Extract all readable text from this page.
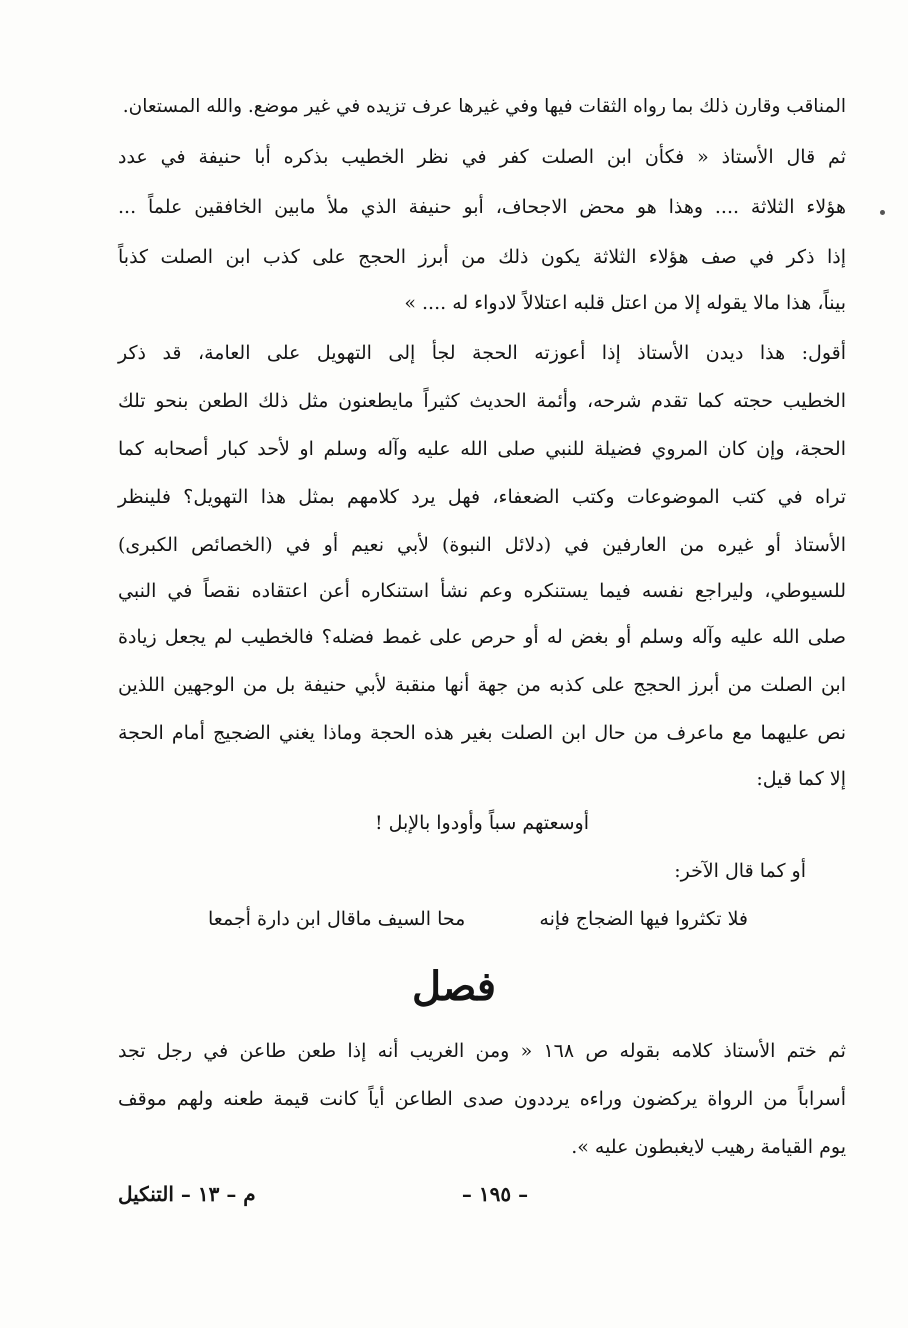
المناقب وقارن ذلك بما رواه الثقات فيها وفي غيرها عرف تزيده في غير موضع. والله المستعان.
ثم قال الأستاذ « فكأن ابن الصلت كفر في نظر الخطيب بذكره أبا حنيفة في عدد
هؤلاء الثلاثة .... وهذا هو محض الاجحاف، أبو حنيفة الذي ملأ مابين الخافقين علماً ...
إذا ذكر في صف هؤلاء الثلاثة يكون ذلك من أبرز الحجج على كذب ابن الصلت كذباً
بيناً، هذا مالا يقوله إلا من اعتل قلبه اعتلالاً لادواء له .... »
أقول: هذا ديدن الأستاذ إذا أعوزته الحجة لجأ إلى التهويل على العامة، قد ذكر
الخطيب حجته كما تقدم شرحه، وأئمة الحديث كثيراً مايطعنون مثل ذلك الطعن بنحو تلك
الحجة، وإن كان المروي فضيلة للنبي صلى الله عليه وآله وسلم او لأحد كبار أصحابه كما
تراه في كتب الموضوعات وكتب الضعفاء، فهل يرد كلامهم بمثل هذا التهويل؟ فلينظر
الأستاذ أو غيره من العارفين في (دلائل النبوة) لأبي نعيم أو في (الخصائص الكبرى)
للسيوطي، وليراجع نفسه فيما يستنكره وعم نشأ استنكاره أعن اعتقاده نقصاً في النبي
صلى الله عليه وآله وسلم أو بغض له أو حرص على غمط فضله؟ فالخطيب لم يجعل زيادة
ابن الصلت من أبرز الحجج على كذبه من جهة أنها منقبة لأبي حنيفة بل من الوجهين اللذين
نص عليهما مع ماعرف من حال ابن الصلت بغير هذه الحجة وماذا يغني الضجيج أمام الحجة
إلا كما قيل:
أوسعتهم سباً وأودوا بالإبل !
أو كما قال الآخر:
فلا تكثروا فيها الضجاج فإنه
محا السيف ماقال ابن دارة أجمعا
فصل
ثم ختم الأستاذ كلامه بقوله ص ١٦٨ « ومن الغريب أنه إذا طعن طاعن في رجل تجد
أسراباً من الرواة يركضون وراءه يرددون صدى الطاعن أياً كانت قيمة طعنه ولهم موقف
يوم القيامة رهيب لايغبطون عليه ».
– ١٩٥ –
م – ١٣ – التنكيل
